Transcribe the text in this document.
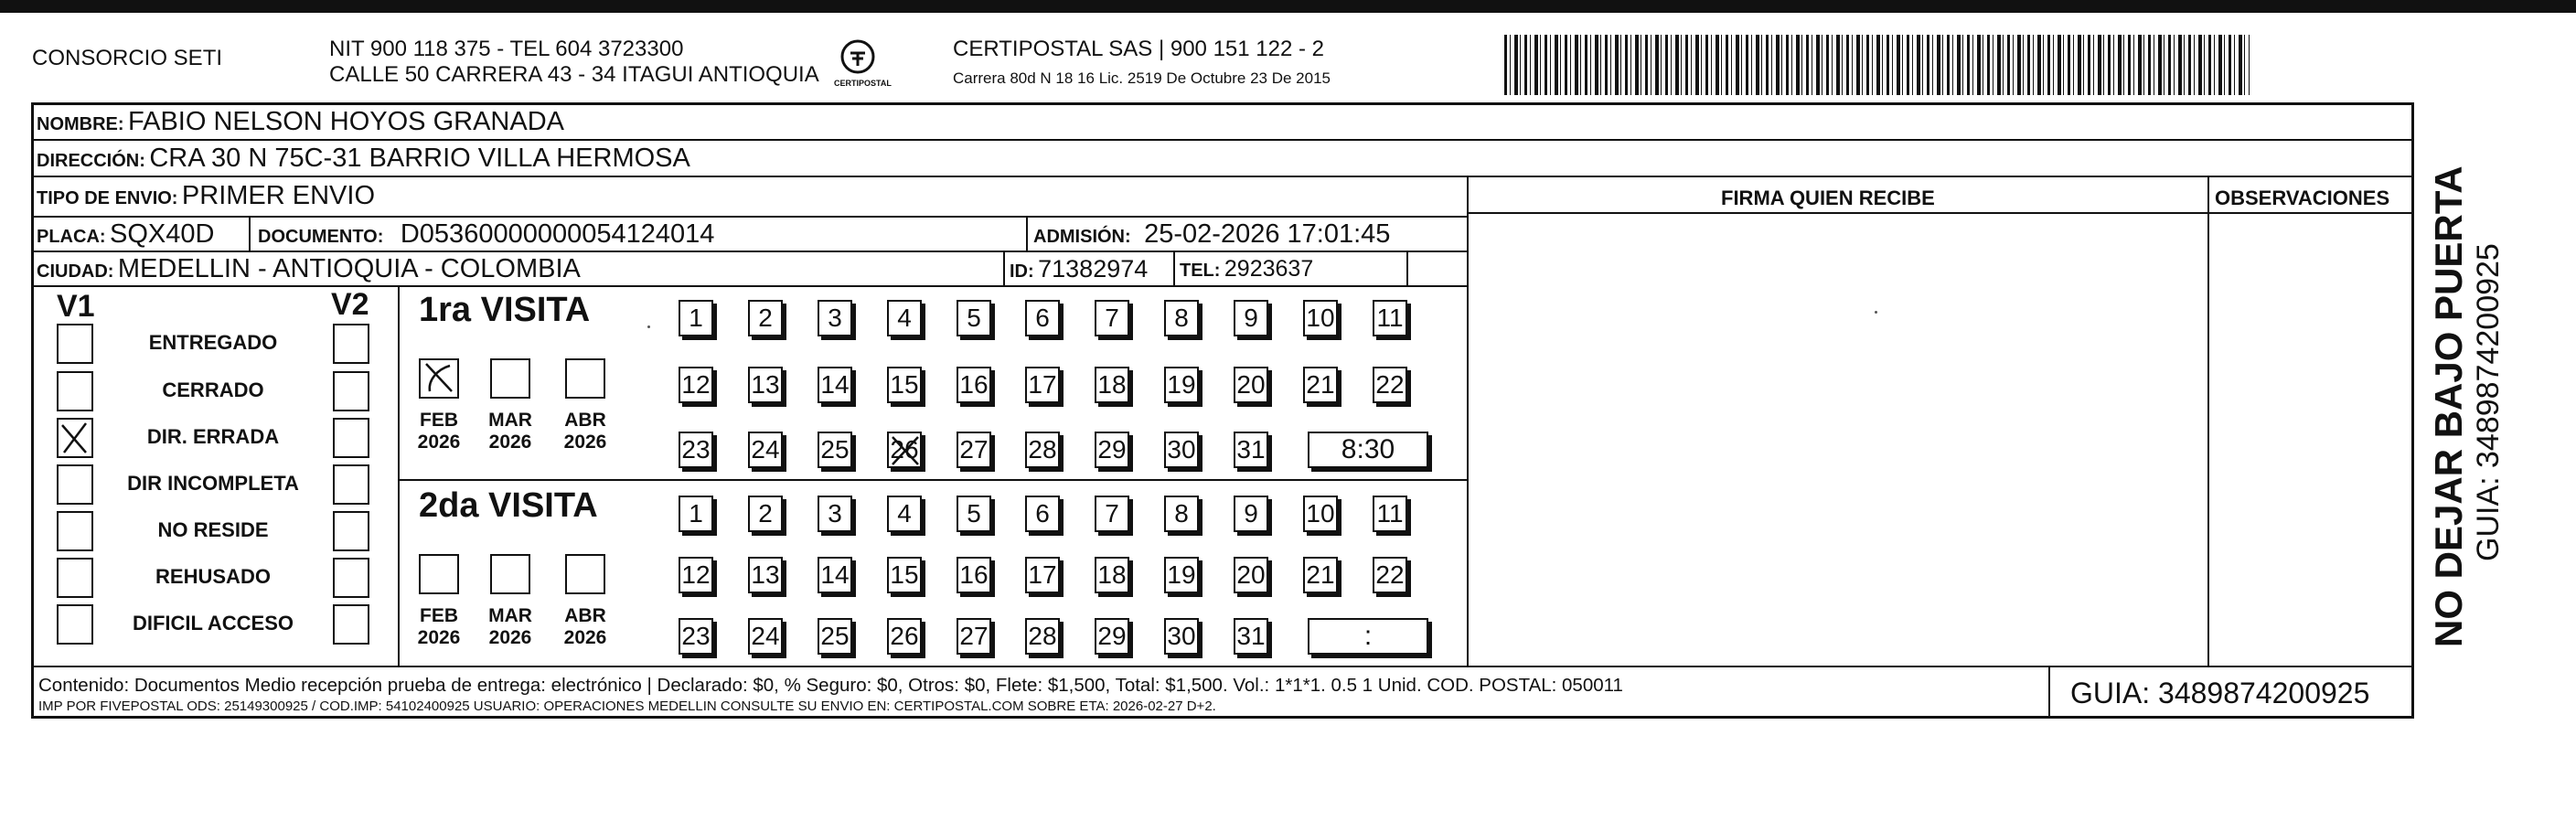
CONSORCIO SETI	NIT 900 118 375 - TEL 604 3723300
CALLE 50 CARRERA 43 - 34 ITAGUI ANTIOQUIA CERTIPOSTAL
CERTIPOSTAL SAS | 900 151 122 - 2
Carrera 80d N 18 16 Lic. 2519 De Octubre 23 De 2015
NOMBRE: FABIO NELSON HOYOS GRANADA
DIRECCIÓN: CRA 30 N 75C-31 BARRIO VILLA HERMOSA
TIPO DE ENVIO: PRIMER ENVIO	FIRMA QUIEN RECIBE	OBSERVACIONES
PLACA: SQX40D DOCUMENTO: D05360000000054124014	ADMISIÓN: 25-02-2026 17:01:45
CIUDAD: MEDELLIN - ANTIOQUIA - COLOMBIA	ID: 71382974 TEL: 2923637
V1	V2
ENTREGADO
CERRADO
DIR. ERRADA
DIR INCOMPLETA
NO RESIDE
REHUSADO
DIFICIL ACCESO
1ra VISITA
2da VISITA
FEB
2026
MAR
2026
ABR
2026
FEB
2026
MAR
2026
ABR
2026
1	2	3	4	5	6	7	8	9	10 11
12 13 14 15 16 17 18 19 20 21 22
23 24 25 26 27 28 29 30 31	8:30
1	2	3	4	5	6	7	8	9	10 11
12 13 14 15 16 17 18 19 20 21 22
23 24 25 26 27 28 29 30 31	:
Contenido: Documentos Medio recepción prueba de entrega: electrónico | Declarado: $0, % Seguro: $0, Otros: $0, Flete: $1,500, Total: $1,500. Vol.: 1*1*1. 0.5 1 Unid. COD. POSTAL: 050011
IMP POR FIVEPOSTAL ODS: 25149300925 / COD.IMP: 54102400925 USUARIO: OPERACIONES MEDELLIN CONSULTE SU ENVIO EN: CERTIPOSTAL.COM SOBRE ETA: 2026-02-27 D+2.	GUIA: 3489874200925
NO DEJAR BAJO PUERTA GUIA: 3489874200925
